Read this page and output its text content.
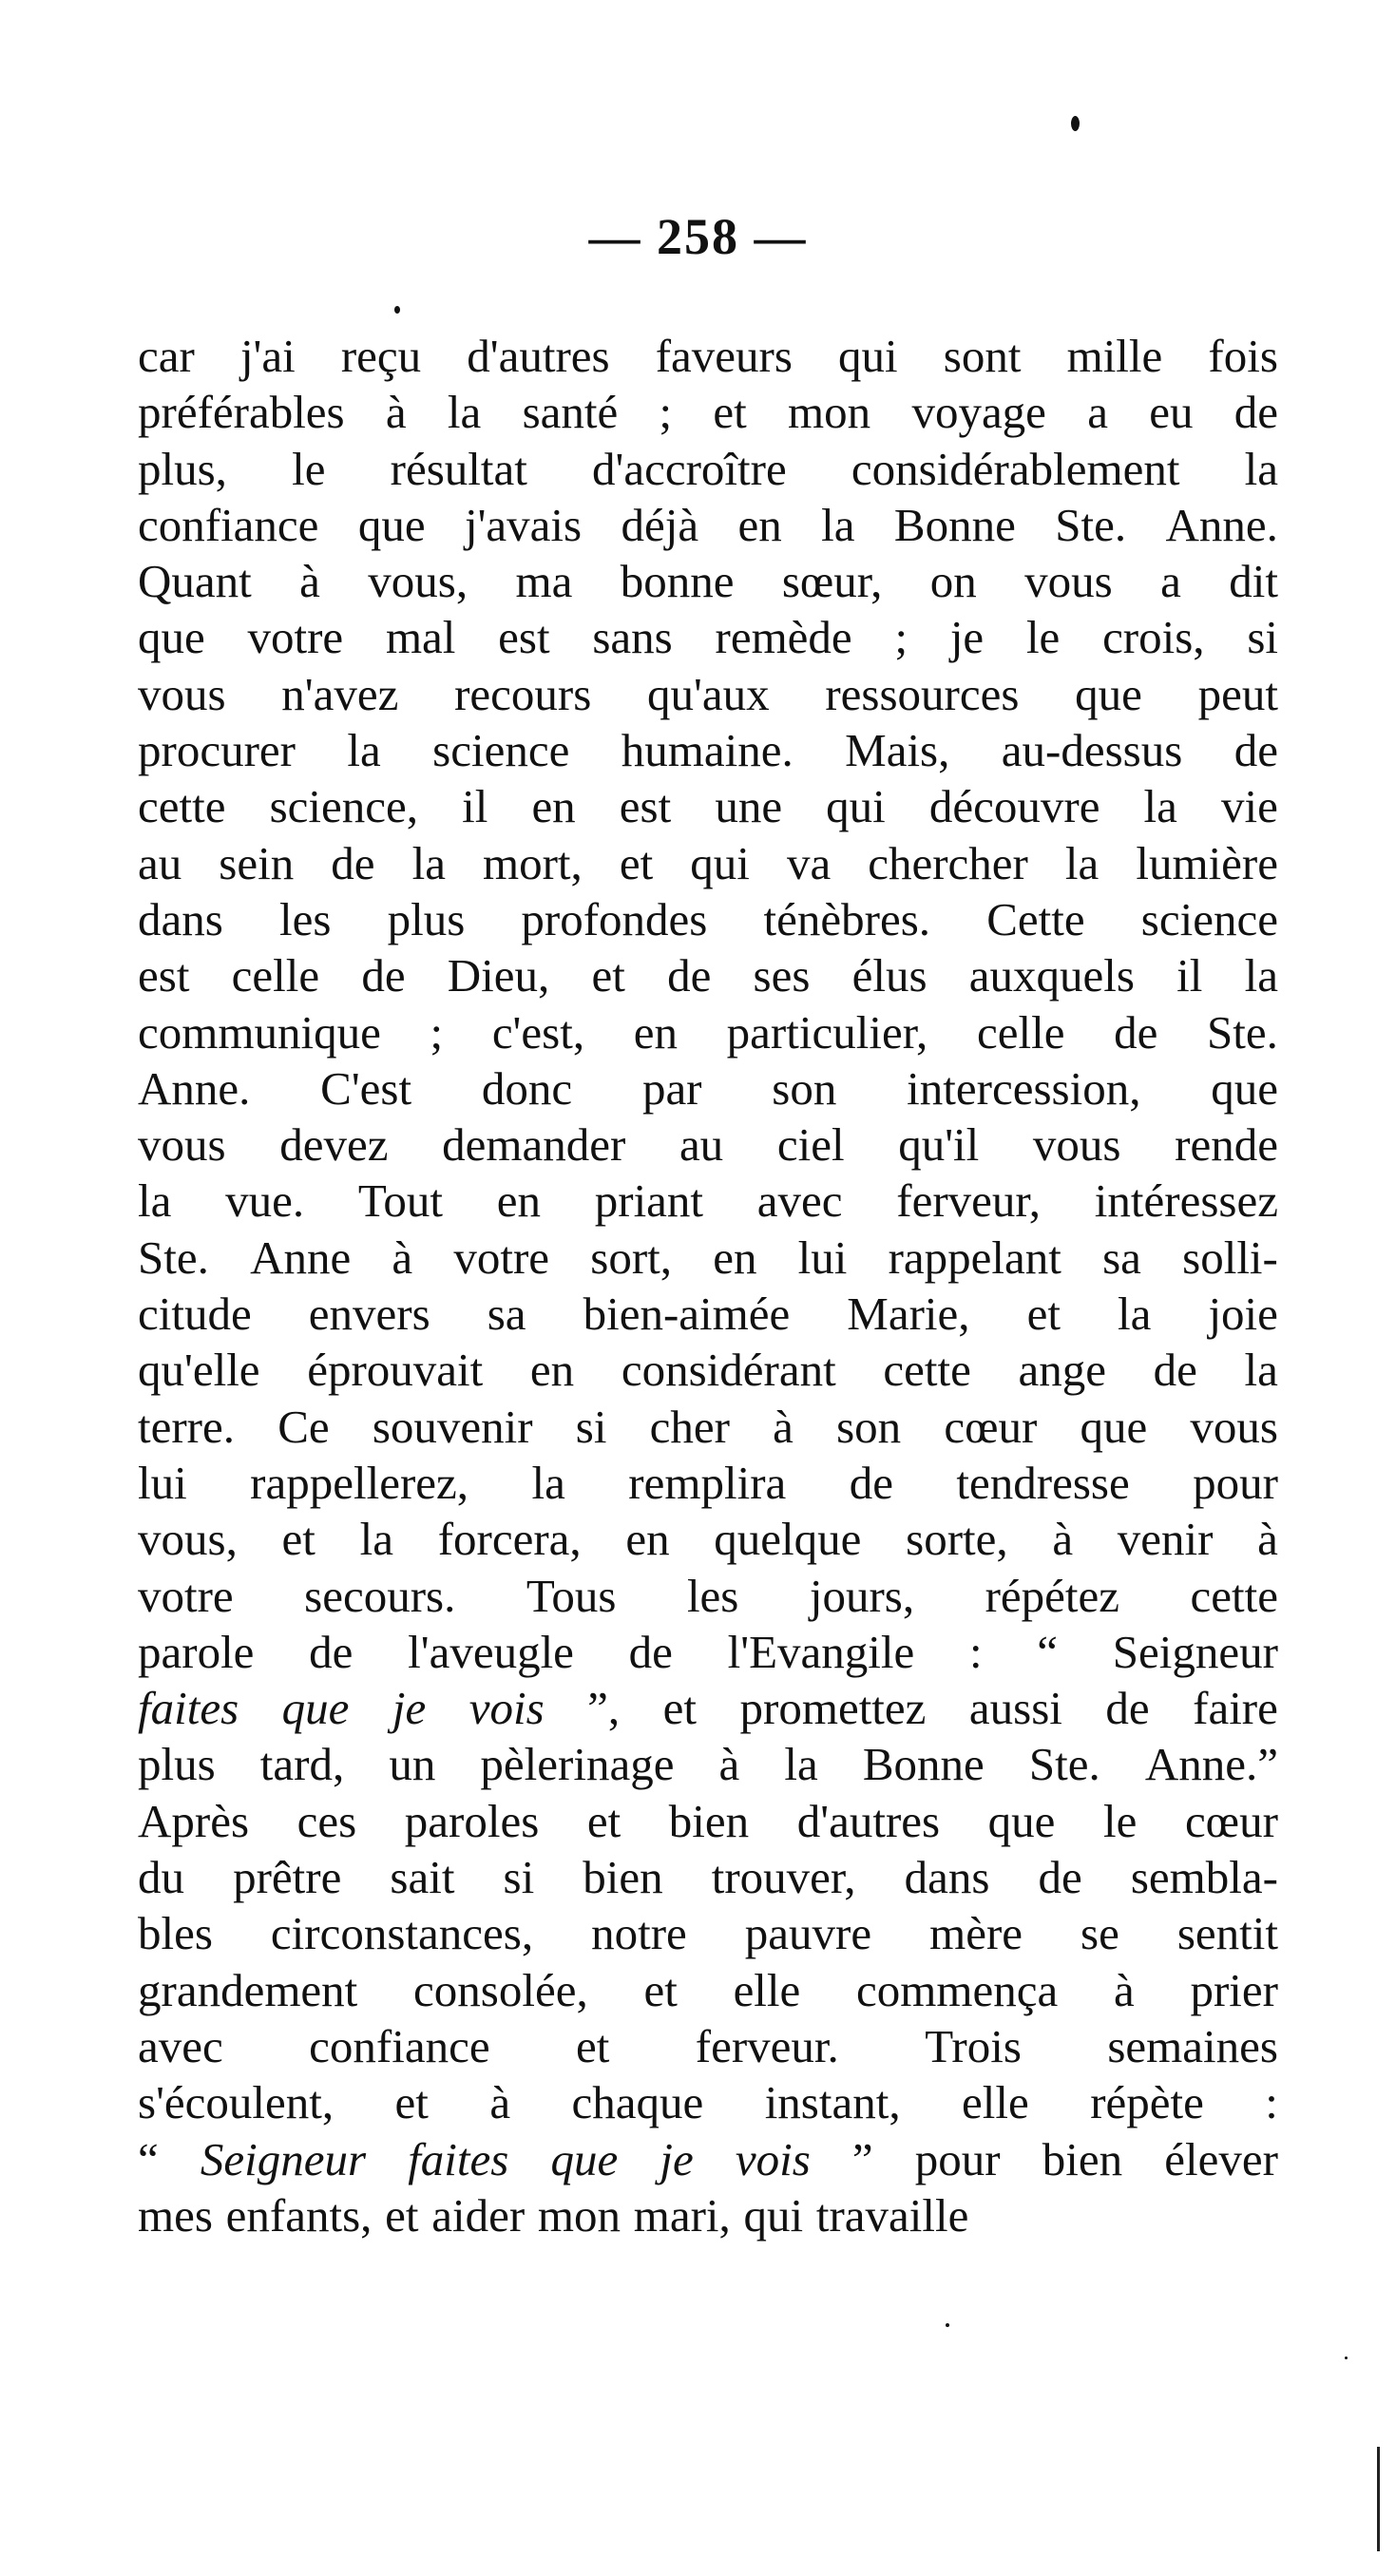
— 258 —
car j'ai reçu d'autres faveurs qui sont mille fois
préférables à la santé ; et mon voyage a eu de
plus, le résultat d'accroître considérablement la
confiance que j'avais déjà en la Bonne Ste. Anne.
Quant à vous, ma bonne sœur, on vous a dit
que votre mal est sans remède ; je le crois, si
vous n'avez recours qu'aux ressources que peut
procurer la science humaine. Mais, au-dessus de
cette science, il en est une qui découvre la vie
au sein de la mort, et qui va chercher la lumière
dans les plus profondes ténèbres. Cette science
est celle de Dieu, et de ses élus auxquels il la
communique ; c'est, en particulier, celle de Ste.
Anne. C'est donc par son intercession, que
vous devez demander au ciel qu'il vous rende
la vue. Tout en priant avec ferveur, intéressez
Ste. Anne à votre sort, en lui rappelant sa solli-
citude envers sa bien-aimée Marie, et la joie
qu'elle éprouvait en considérant cette ange de la
terre. Ce souvenir si cher à son cœur que vous
lui rappellerez, la remplira de tendresse pour
vous, et la forcera, en quelque sorte, à venir à
votre secours. Tous les jours, répétez cette
parole de l'aveugle de l'Evangile : “ Seigneur
faites que je vois ”, et promettez aussi de faire
plus tard, un pèlerinage à la Bonne Ste. Anne.”
Après ces paroles et bien d'autres que le cœur
du prêtre sait si bien trouver, dans de sembla-
bles circonstances, notre pauvre mère se sentit
grandement consolée, et elle commença à prier
avec confiance et ferveur. Trois semaines
s'écoulent, et à chaque instant, elle répète :
“ Seigneur faites que je vois ” pour bien élever
mes enfants, et aider mon mari, qui travaille
